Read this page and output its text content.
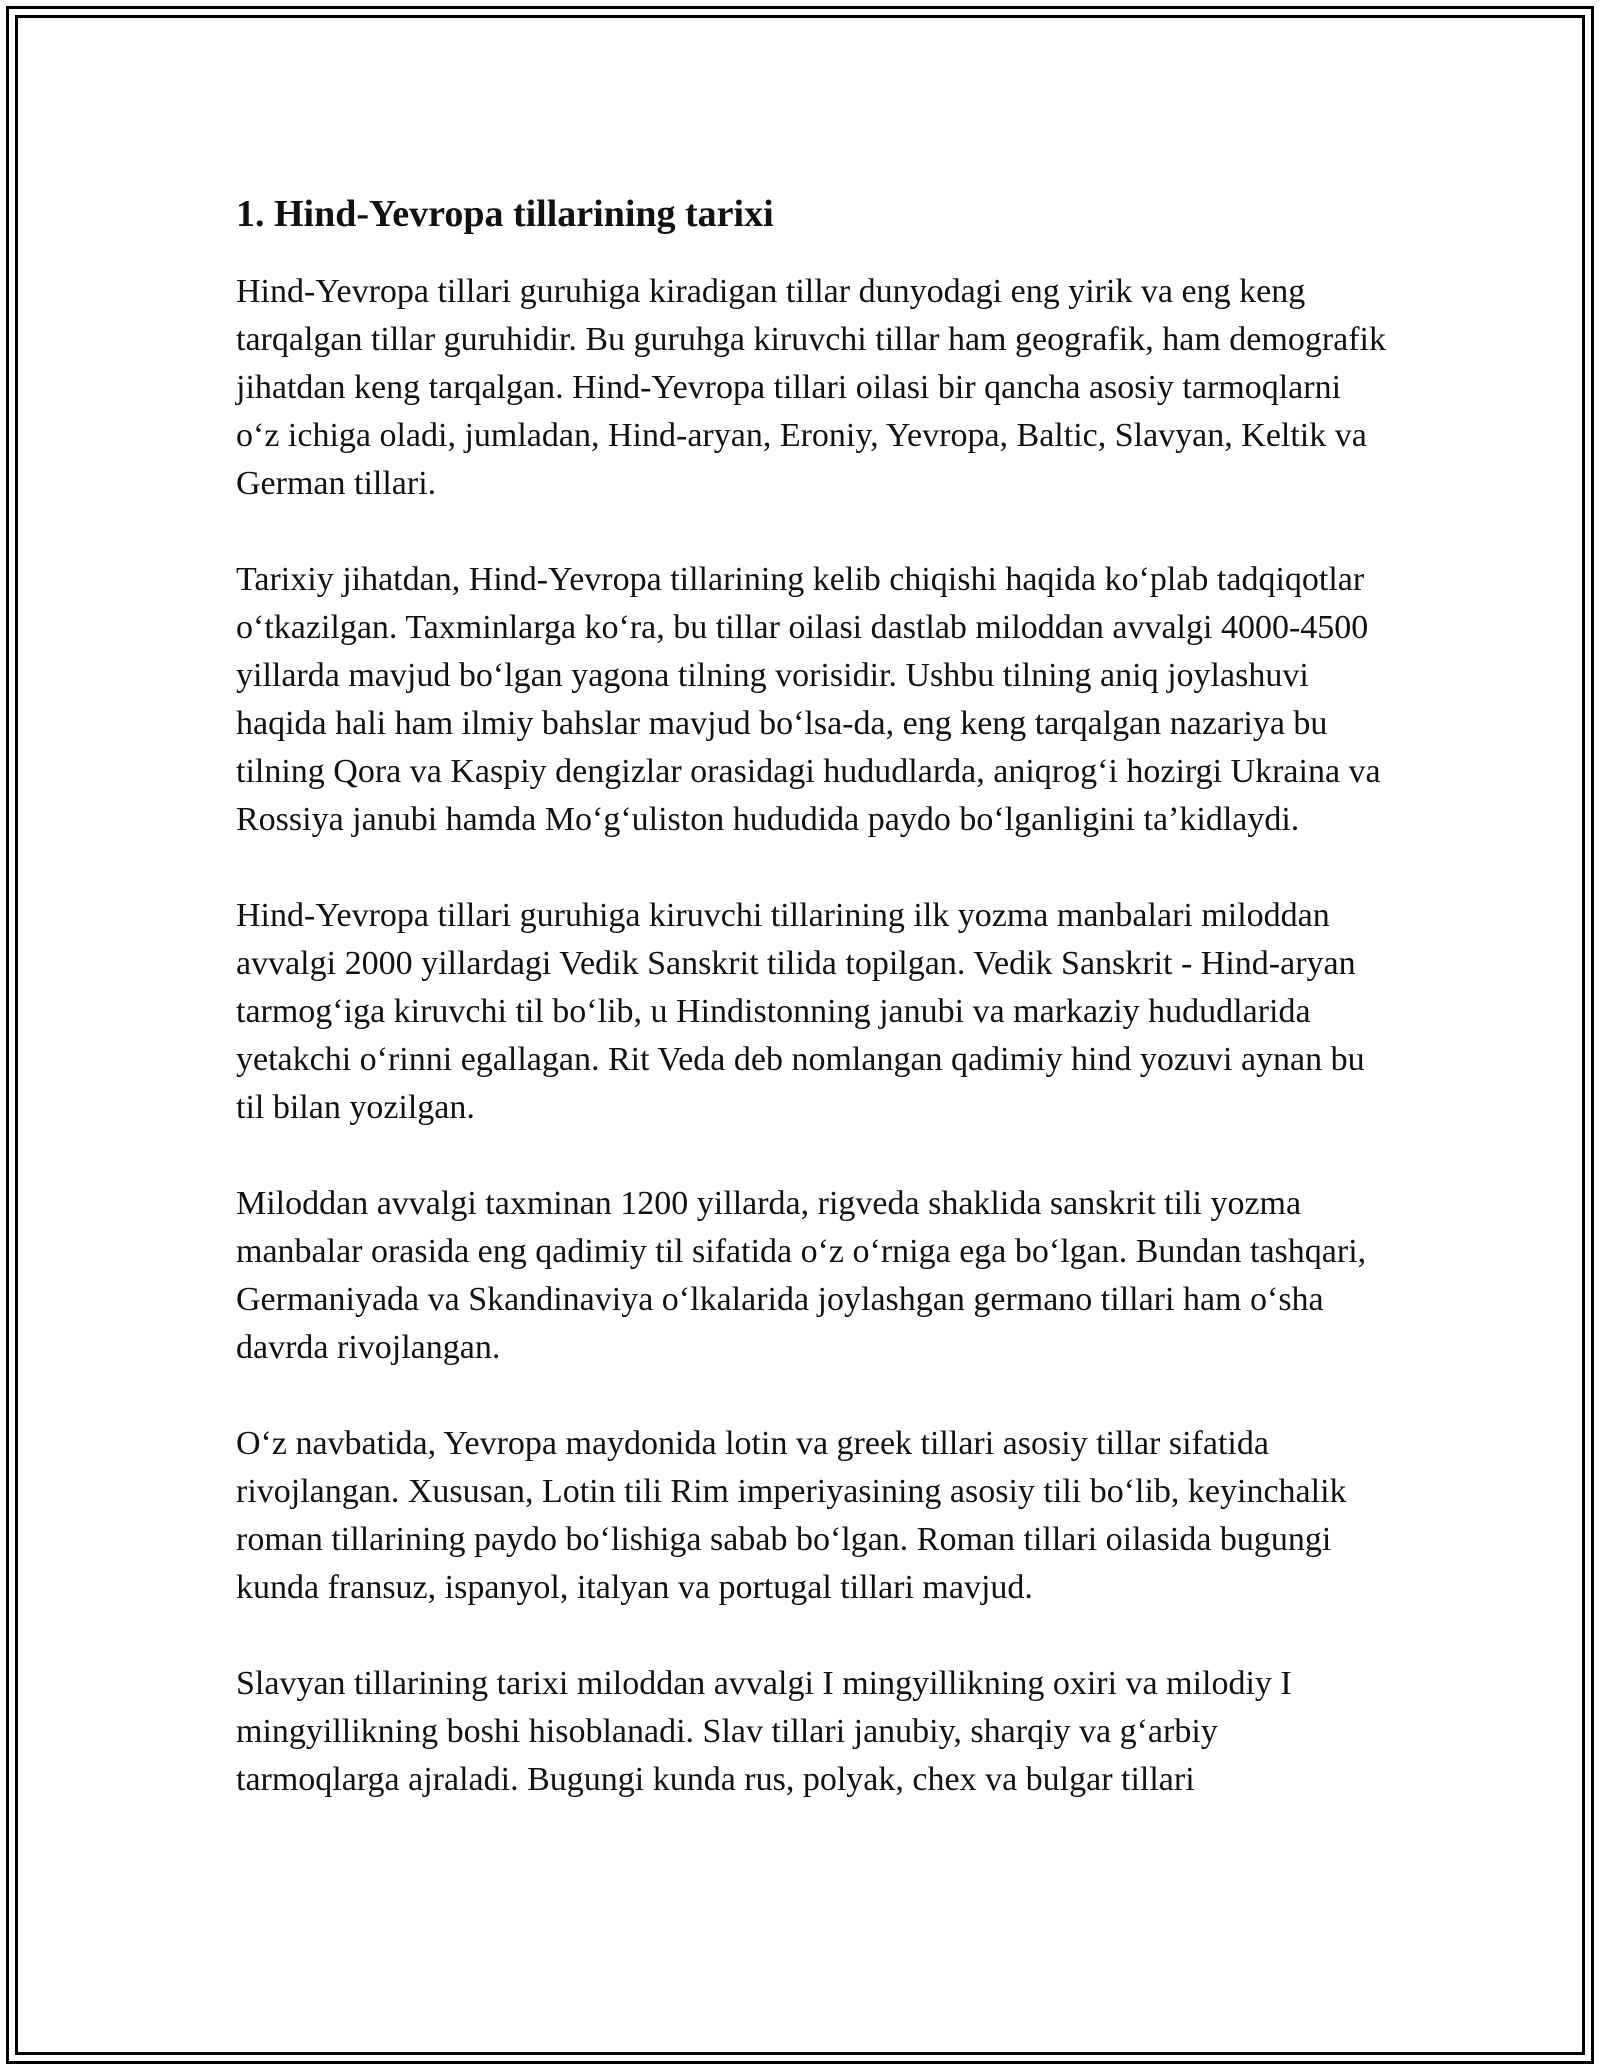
1. Hind-Yevropa tillarining tarixi

Hind-Yevropa tillari guruhiga kiradigan tillar dunyodagi eng yirik va eng keng tarqalgan tillar guruhidir. Bu guruhga kiruvchi tillar ham geografik, ham demografik jihatdan keng tarqalgan. Hind-Yevropa tillari oilasi bir qancha asosiy tarmoqlarni oʻz ichiga oladi, jumladan, Hind-aryan, Eroniy, Yevropa, Baltic, Slavyan, Keltik va German tillari.

Tarixiy jihatdan, Hind-Yevropa tillarining kelib chiqishi haqida koʻplab tadqiqotlar oʻtkazilgan. Taxminlarga koʻra, bu tillar oilasi dastlab miloddan avvalgi 4000-4500 yillarda mavjud boʻlgan yagona tilning vorisidir. Ushbu tilning aniq joylashuvi haqida hali ham ilmiy bahslar mavjud boʻlsa-da, eng keng tarqalgan nazariya bu tilning Qora va Kaspiy dengizlar orasidagi hududlarda, aniqrogʻi hozirgi Ukraina va Rossiya janubi hamda Moʻgʻuliston hududida paydo boʻlganligini taʼkidlaydi.

Hind-Yevropa tillari guruhiga kiruvchi tillarining ilk yozma manbalari miloddan avvalgi 2000 yillardagi Vedik Sanskrit tilida topilgan. Vedik Sanskrit - Hind-aryan tarmogʻiga kiruvchi til boʻlib, u Hindistonning janubi va markaziy hududlarida yetakchi oʻrinni egallagan. Rit Veda deb nomlangan qadimiy hind yozuvi aynan bu til bilan yozilgan.

Miloddan avvalgi taxminan 1200 yillarda, rigveda shaklida sanskrit tili yozma manbalar orasida eng qadimiy til sifatida oʻz oʻrniga ega boʻlgan. Bundan tashqari, Germaniyada va Skandinaviya oʻlkalarida joylashgan germano tillari ham oʻsha davrda rivojlangan.

Oʻz navbatida, Yevropa maydonida lotin va greek tillari asosiy tillar sifatida rivojlangan. Xususan, Lotin tili Rim imperiyasining asosiy tili boʻlib, keyinchalik roman tillarining paydo boʻlishiga sabab boʻlgan. Roman tillari oilasida bugungi kunda fransuz, ispanyol, italyan va portugal tillari mavjud.

Slavyan tillarining tarixi miloddan avvalgi I mingyillikning oxiri va milodiy I mingyillikning boshi hisoblanadi. Slav tillari janubiy, sharqiy va gʻarbiy tarmoqlarga ajraladi. Bugungi kunda rus, polyak, chex va bulgar tillari
